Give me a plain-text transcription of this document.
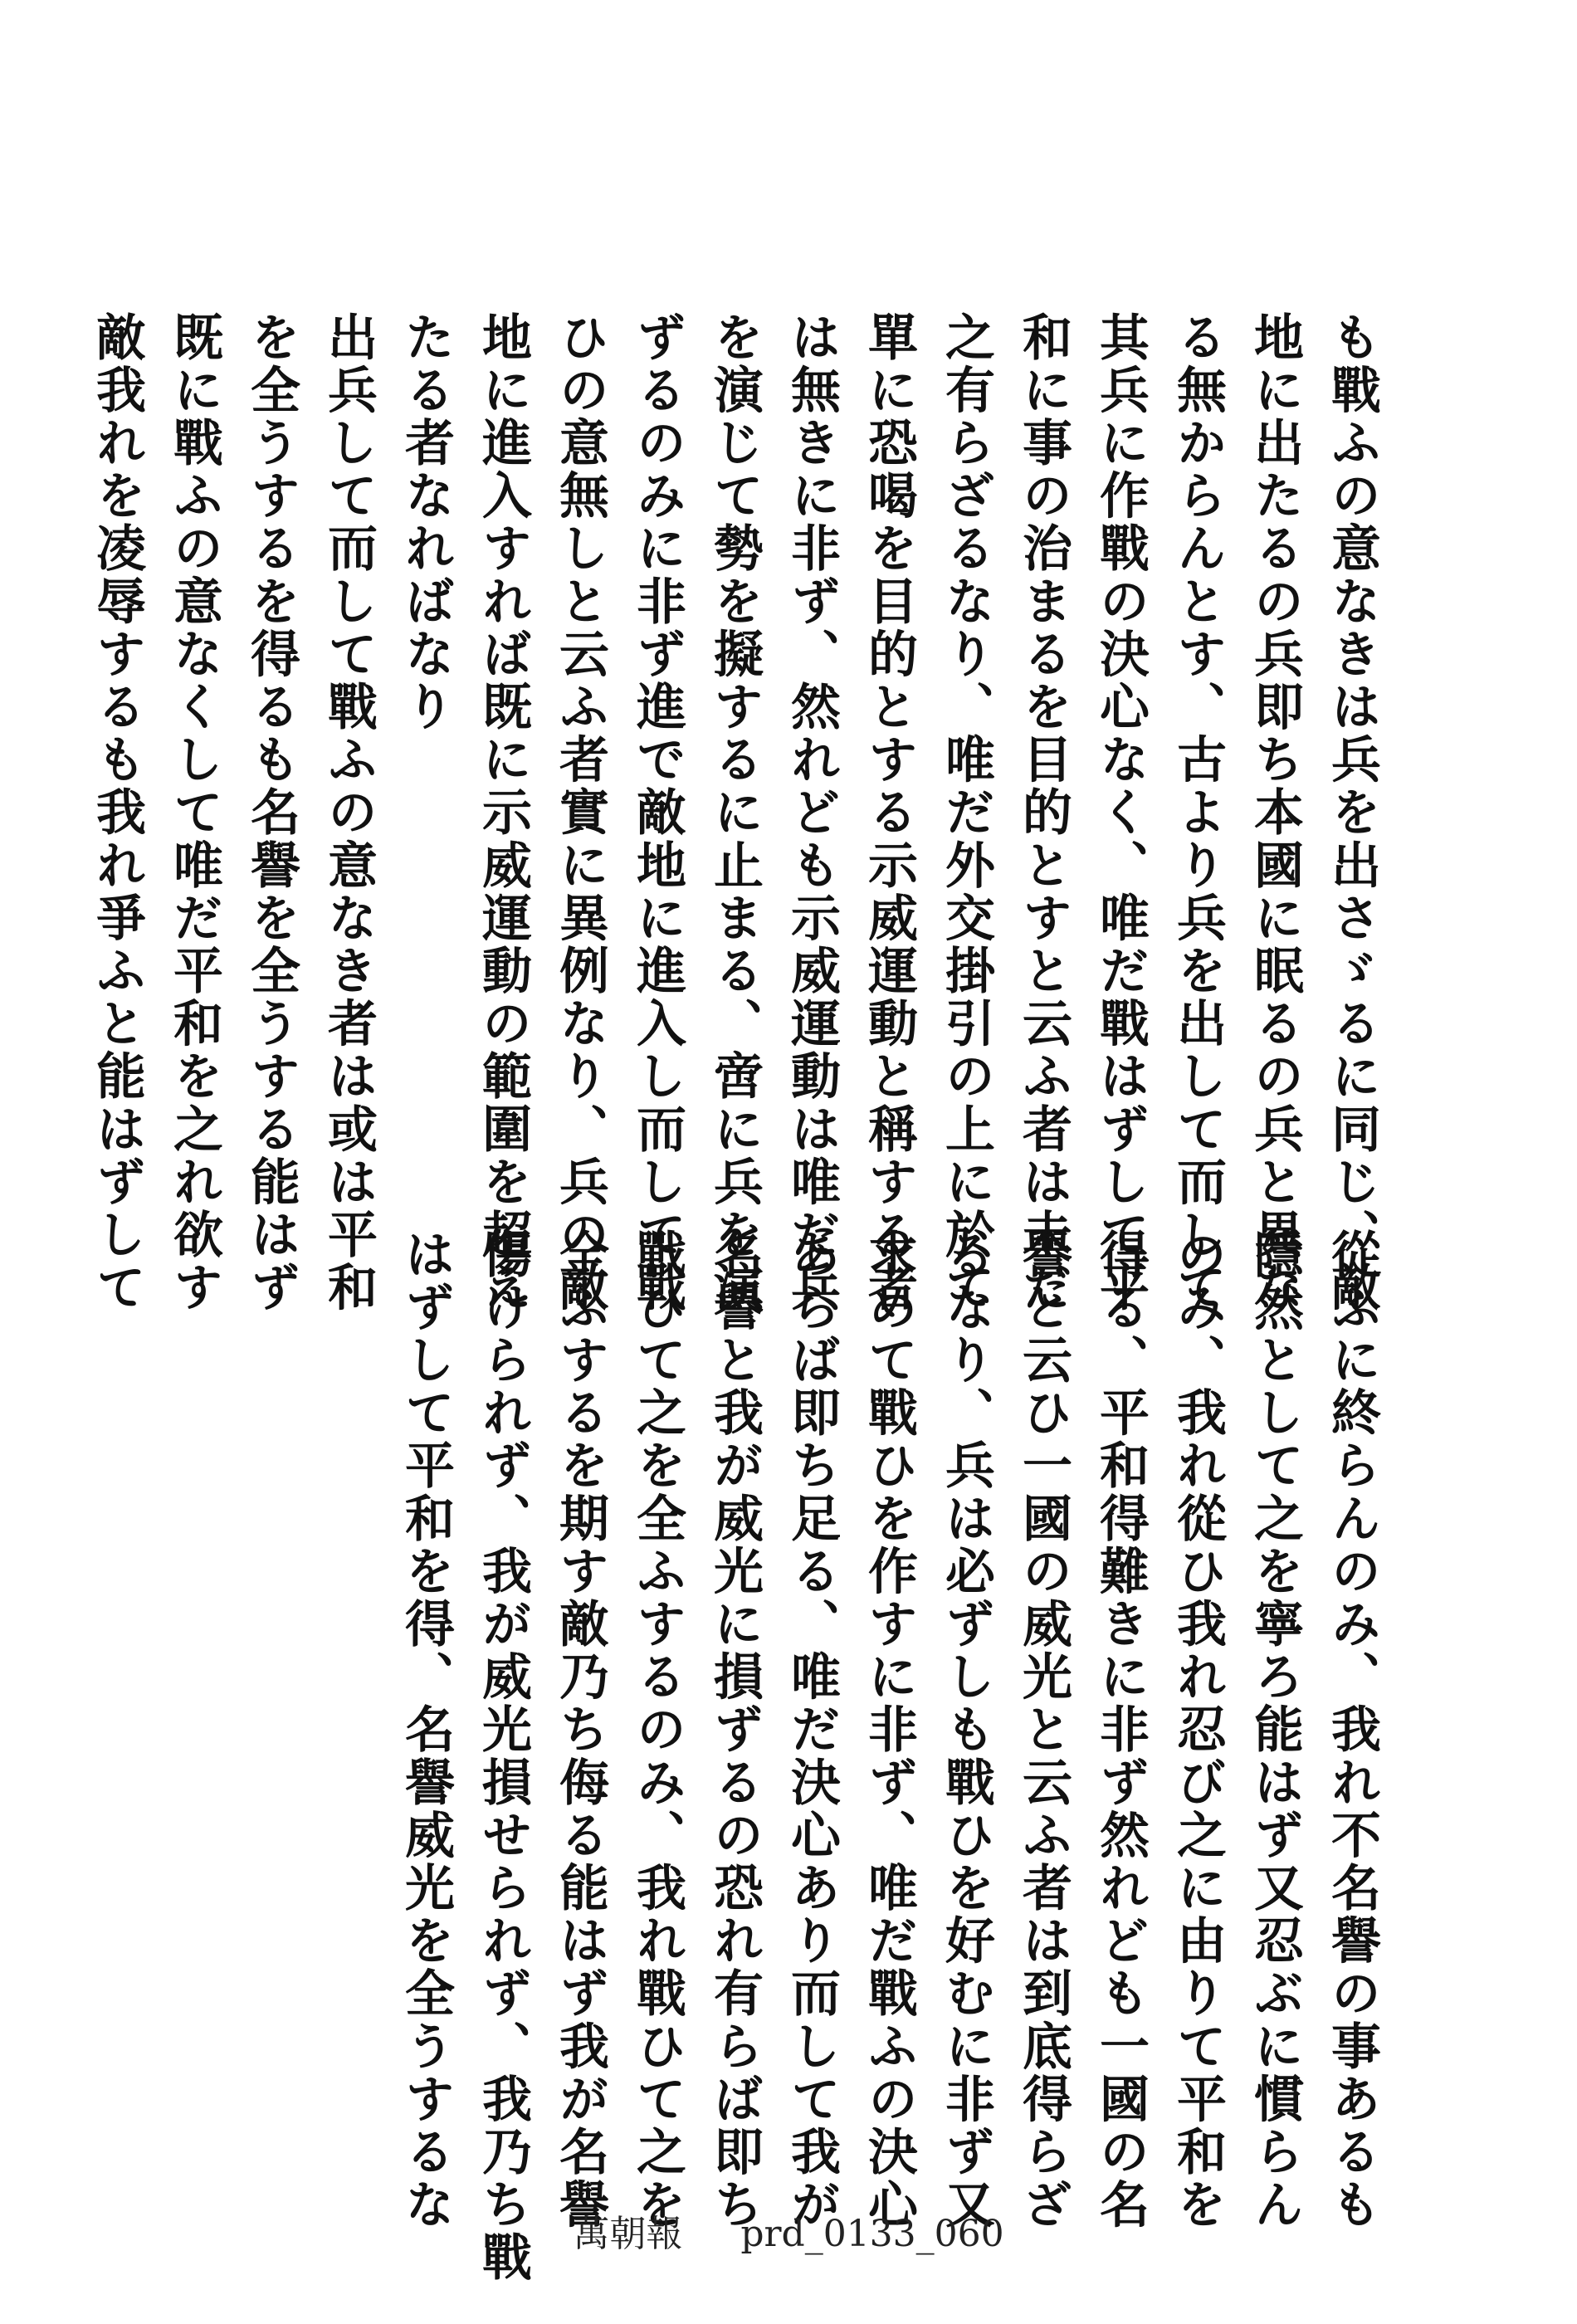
も戰ふの意なきは兵を出さゞるに同じ、敵
地に出たるの兵即ち本國に眠るの兵と異な
る無からんとす、古より兵を出して而して
其兵に作戰の決心なく、唯だ戰はずして平
和に事の治まるを目的とすと云ふ者は未だ
之有らざるなり、唯だ外交掛引の上に於て
單に恐喝を目的とする示威運動と稱する者
は無きに非ず、然れども示威運動は唯だ兵
を演じて勢を擬するに止まる、啻に兵を演
ずるのみに非ず進で敵地に進入し而して戰
ひの意無しと云ふ者實に異例なり、兵の敵
地に進入すれば既に示威運動の範圍を超え
たる者なればなり
出兵して而して戰ふの意なき者は或は平和
を全うするを得るも名譽を全うする能はず
既に戰ふの意なくして唯だ平和を之れ欲す
敵我れを凌辱するも我れ爭ふと能はずして
從ふに終らんのみ、我れ不名譽の事あるも
隱然として之を寧ろ能はず又忍ぶに慣らん
のみ、我れ從ひ我れ忍び之に由りて平和を
得る、平和得難きに非ず然れども一國の名
譽と云ひ一國の威光と云ふ者は到底得らざ
るなり、兵は必ずしも戰ひを好むに非ず又
求めて戰ひを作すに非ず、唯だ戰ふの決心
あらば即ち足る、唯だ決心あり而して我が
名譽と我が威光に損ずるの恐れ有らば即ち
戰ひて之を全ふするのみ、我れ戰ひて之を
全ふするを期す敵乃ち侮る能はず我が名譽
傷けられず、我が威光損せられず、我乃ち戰
はずして平和を得、名譽威光を全うするな
萬朝報 prd_0133_060
